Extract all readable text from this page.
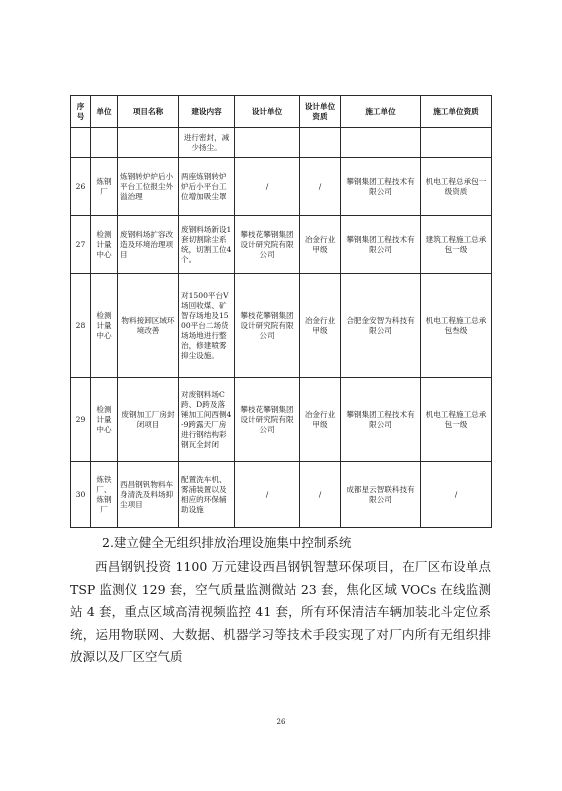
序号	单位	项目名称	建设内容	设计单位	设计单位资质	施工单位	施工单位资质
			进行密封，减少扬尘。				
26	炼钢厂	炼钢转炉炉后小平台工位报尘外溢治理	两座炼钢转炉炉后小平台工位增加吸尘罩	/	/	攀钢集团工程技术有限公司	机电工程总承包一级资质
27	检测计量中心	废钢料场扩容改造及环境治理项目	废钢料场新设1套切割除尘系统，切割工位4个。	攀枝花攀钢集团设计研究院有限公司	冶金行业甲级	攀钢集团工程技术有限公司	建筑工程施工总承包一级
28	检测计量中心	物料接卸区域环境改善	对1500平台V场回收煤、矿智存场地及1500平台二场货场场地进行整治，修建喷雾抑尘设施。	攀枝花攀钢集团设计研究院有限公司	冶金行业甲级	合肥金安智为科技有限公司	机电工程施工总承包叁级
29	检测计量中心	废钢加工厂房封闭项目	对废钢料场C跨、D跨及落锤加工间西侧4-9跨露天厂房进行钢结构彩钢瓦全封闭	攀枝花攀钢集团设计研究院有限公司	冶金行业甲级	攀钢集团工程技术有限公司	机电工程施工总承包一级
30	炼铁厂、炼钢厂	西昌钢钒物料车身清洗及料场抑尘项目	配置洗车机、雾浦装置以及相应的环保辅助设施	/	/	成都星云智联科技有限公司	/
2.建立健全无组织排放治理设施集中控制系统

西昌钢钒投资 1100 万元建设西昌钢钒智慧环保项目，在厂区布设单点 TSP 监测仪 129 套，空气质量监测微站 23 套，焦化区域 VOCs 在线监测站 4 套，重点区域高清视频监控 41 套，所有环保清洁车辆加装北斗定位系统，运用物联网、大数据、机器学习等技术手段实现了对厂内所有无组织排放源以及厂区空气质

26
